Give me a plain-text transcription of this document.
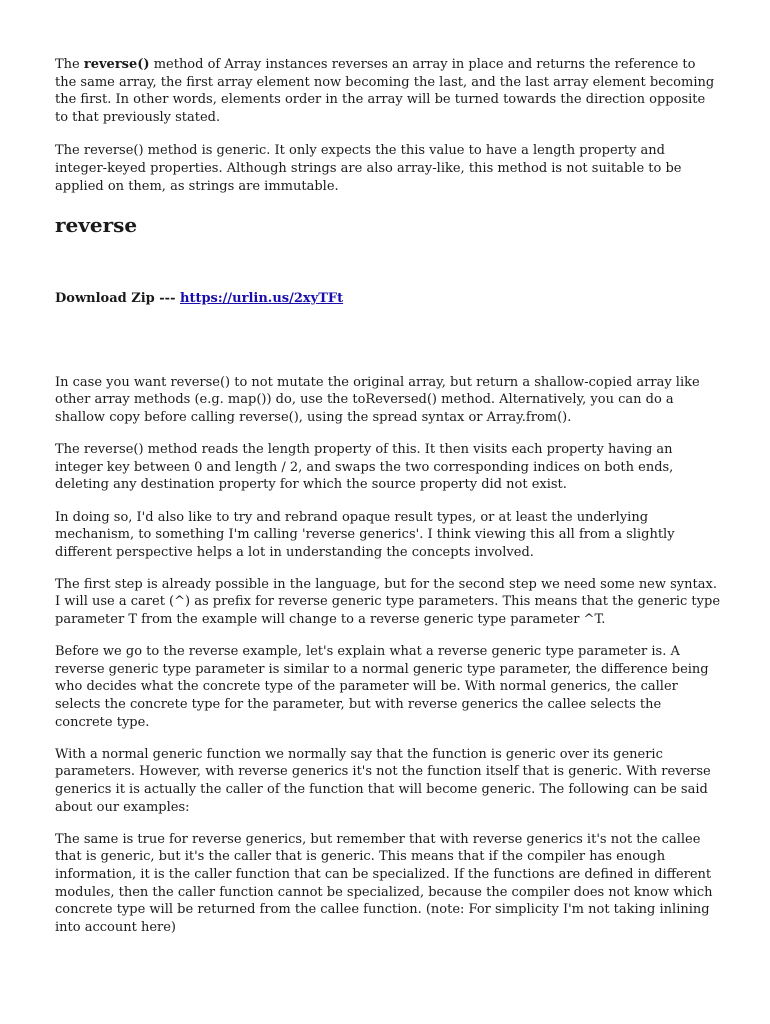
The reverse() method of Array instances reverses an array in place and returns the reference to the same array, the first array element now becoming the last, and the last array element becoming the first. In other words, elements order in the array will be turned towards the direction opposite to that previously stated.

The reverse() method is generic. It only expects the this value to have a length property and integer-keyed properties. Although strings are also array-like, this method is not suitable to be applied on them, as strings are immutable.

reverse
Download Zip --- https://urlin.us/2xyTFt

In case you want reverse() to not mutate the original array, but return a shallow-copied array like other array methods (e.g. map()) do, use the toReversed() method. Alternatively, you can do a shallow copy before calling reverse(), using the spread syntax or Array.from().

The reverse() method reads the length property of this. It then visits each property having an integer key between 0 and length / 2, and swaps the two corresponding indices on both ends, deleting any destination property for which the source property did not exist.

In doing so, I'd also like to try and rebrand opaque result types, or at least the underlying mechanism, to something I'm calling 'reverse generics'. I think viewing this all from a slightly different perspective helps a lot in understanding the concepts involved.

The first step is already possible in the language, but for the second step we need some new syntax. I will use a caret (^) as prefix for reverse generic type parameters. This means that the generic type parameter T from the example will change to a reverse generic type parameter ^T.

Before we go to the reverse example, let's explain what a reverse generic type parameter is. A reverse generic type parameter is similar to a normal generic type parameter, the difference being who decides what the concrete type of the parameter will be. With normal generics, the caller selects the concrete type for the parameter, but with reverse generics the callee selects the concrete type.

With a normal generic function we normally say that the function is generic over its generic parameters. However, with reverse generics it's not the function itself that is generic. With reverse generics it is actually the caller of the function that will become generic. The following can be said about our examples:

The same is true for reverse generics, but remember that with reverse generics it's not the callee that is generic, but it's the caller that is generic. This means that if the compiler has enough information, it is the caller function that can be specialized. If the functions are defined in different modules, then the caller function cannot be specialized, because the compiler does not know which concrete type will be returned from the callee function. (note: For simplicity I'm not taking inlining into account here)
